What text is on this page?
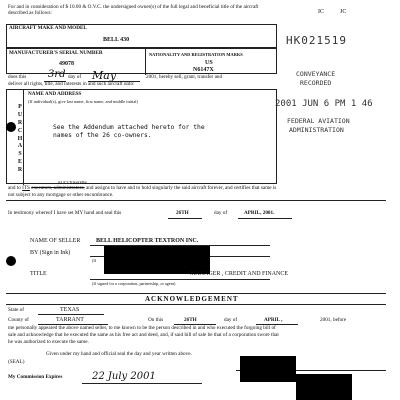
For and in consideration of $ 10.00 & O.V.C. the undersigned owner(s) of the full legal and beneficial title of the aircraft described as follows:	IC	JC
AIRCRAFT MAKE AND MODEL
BELL 430
MANUFACTURER'S SERIAL NUMBER
49078
NATIONALITY AND REGISTRATION MARKS
US
N6147X
HK021519
CONVEYANCE
RECORDED
2001 JUN 6 PM 1 46
FEDERAL AVIATION
ADMINISTRATION
does this 3rd day of May	2001, hereby sell, grant, transfer and
deliver all rights, title, and interests in and such aircraft unto:
NAME AND ADDRESS
(If individual(s), give last name, first name, and middle initial)
See the Addendum attached hereto for the
names of the 26 co-owners.
P
U
R
C
H
A
S
E
R
SUCCESSORS
and to ITS executors, administrators, and assigns to have and to hold singularly the said aircraft forever, and certifies that same is
not subject to any mortgage or other encumbrance.
In testimony whereof I have set MY hand and seal this	26TH	day of	APRIL, 2001.
NAME OF SELLER	BELL HELICOPTER TEXTRON INC.
BY (Sign in Ink)
(If
TITLE	MANAGER , CREDIT AND FINANCE
(If signed for a corporation, partnership, or agent)
ACKNOWLEDGEMENT
State of	TEXAS
County of	TARRANT	On this	26TH	day of	APRIL ,	2001, before
me personally appeared the above named seller, to me known to be the person described in and who executed the forgoing bill of
sale and acknowledge that he executed the same as his free act and deed, and, if said bill of sale be that of a corporation swore that
he was authorized to execute the same.
Given under my hand and official seal the day and year written above.
(SEAL)
My Commission Expires	22 July 2001
